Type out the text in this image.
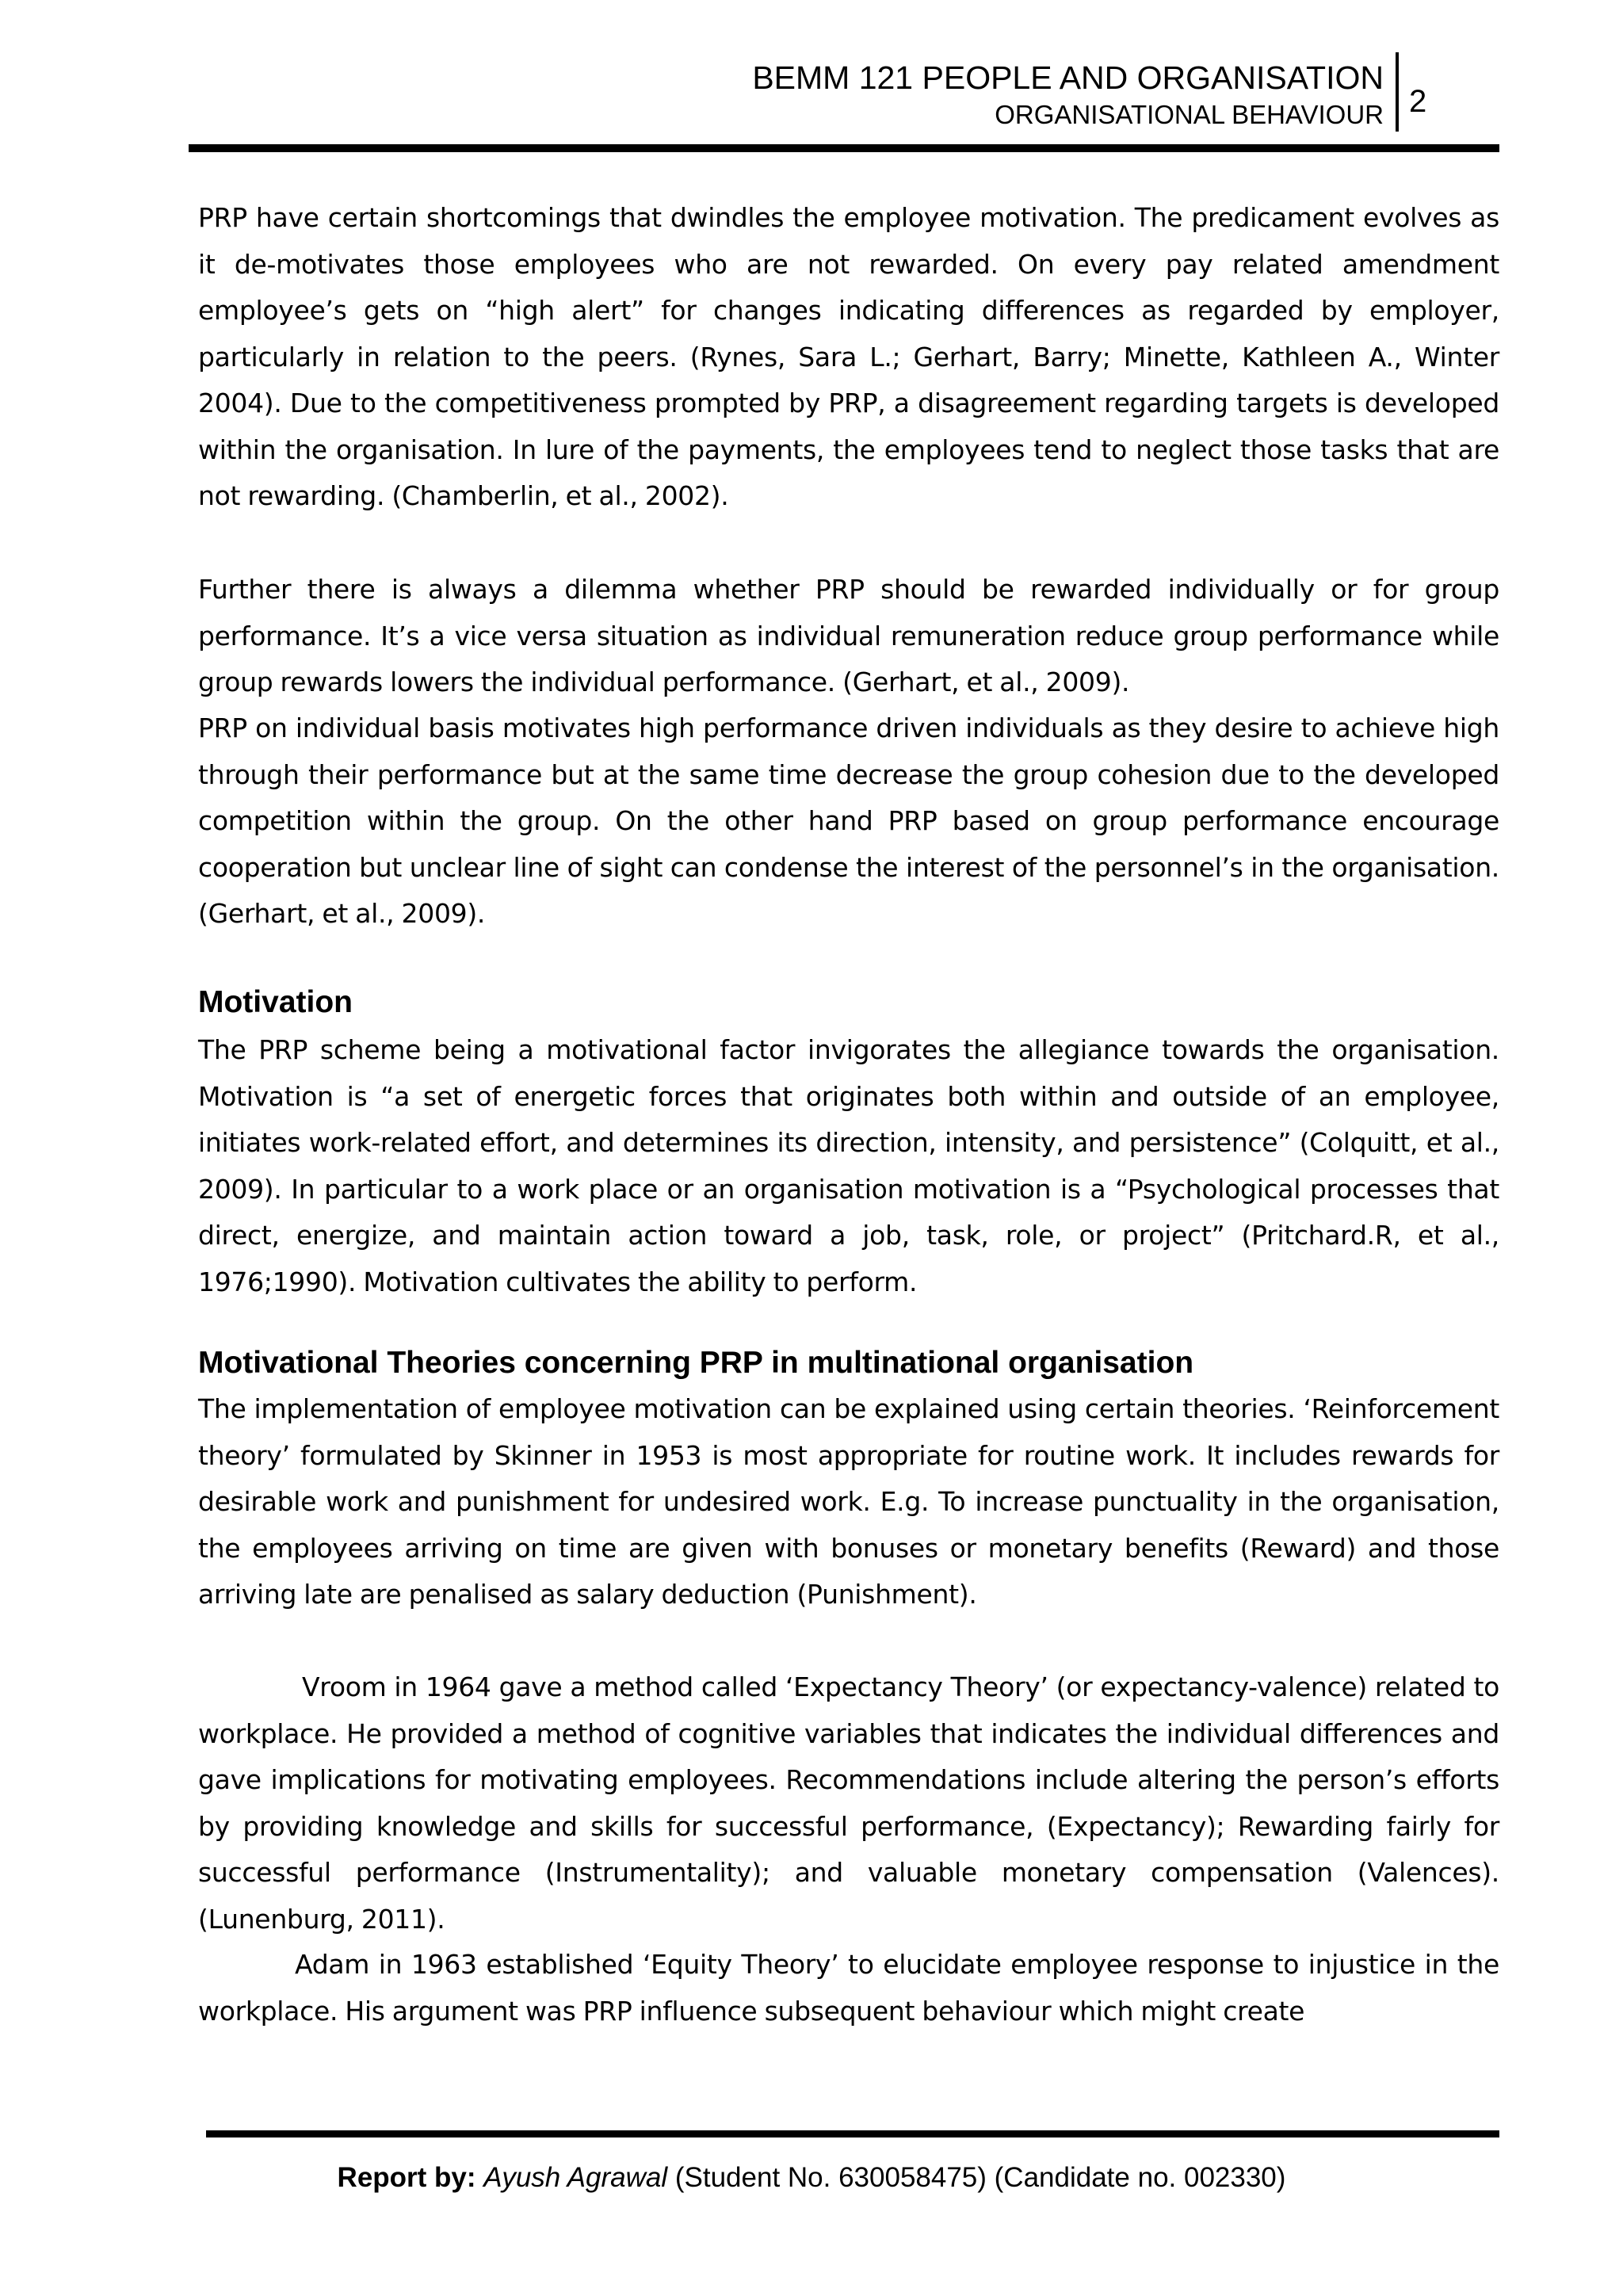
BEMM 121 PEOPLE AND ORGANISATION
ORGANISATIONAL BEHAVIOUR 2

PRP have certain shortcomings that dwindles the employee motivation. The predicament evolves as it de-motivates those employees who are not rewarded. On every pay related amendment employee’s gets on “high alert” for changes indicating differences as regarded by employer, particularly in relation to the peers. (Rynes, Sara L.; Gerhart, Barry; Minette, Kathleen A., Winter 2004). Due to the competitiveness prompted by PRP, a disagreement regarding targets is developed within the organisation. In lure of the payments, the employees tend to neglect those tasks that are not rewarding. (Chamberlin, et al., 2002).

Further there is always a dilemma whether PRP should be rewarded individually or for group performance. It’s a vice versa situation as individual remuneration reduce group performance while group rewards lowers the individual performance. (Gerhart, et al., 2009).

PRP on individual basis motivates high performance driven individuals as they desire to achieve high through their performance but at the same time decrease the group cohesion due to the developed competition within the group. On the other hand PRP based on group performance encourage cooperation but unclear line of sight can condense the interest of the personnel’s in the organisation. (Gerhart, et al., 2009).

Motivation

The PRP scheme being a motivational factor invigorates the allegiance towards the organisation. Motivation is “a set of energetic forces that originates both within and outside of an employee, initiates work-related effort, and determines its direction, intensity, and persistence” (Colquitt, et al., 2009). In particular to a work place or an organisation motivation is a “Psychological processes that direct, energize, and maintain action toward a job, task, role, or project” (Pritchard.R, et al., 1976;1990). Motivation cultivates the ability to perform.

Motivational Theories concerning PRP in multinational organisation

The implementation of employee motivation can be explained using certain theories. ‘Reinforcement theory’ formulated by Skinner in 1953 is most appropriate for routine work. It includes rewards for desirable work and punishment for undesired work. E.g. To increase punctuality in the organisation, the employees arriving on time are given with bonuses or monetary benefits (Reward) and those arriving late are penalised as salary deduction (Punishment).

Vroom in 1964 gave a method called ‘Expectancy Theory’ (or expectancy-valence) related to workplace. He provided a method of cognitive variables that indicates the individual differences and gave implications for motivating employees. Recommendations include altering the person’s efforts by providing knowledge and skills for successful performance, (Expectancy); Rewarding fairly for successful performance (Instrumentality); and valuable monetary compensation (Valences). (Lunenburg, 2011).

Adam in 1963 established ‘Equity Theory’ to elucidate employee response to injustice in the workplace. His argument was PRP influence subsequent behaviour which might create

Report by: Ayush Agrawal (Student No. 630058475) (Candidate no. 002330)
